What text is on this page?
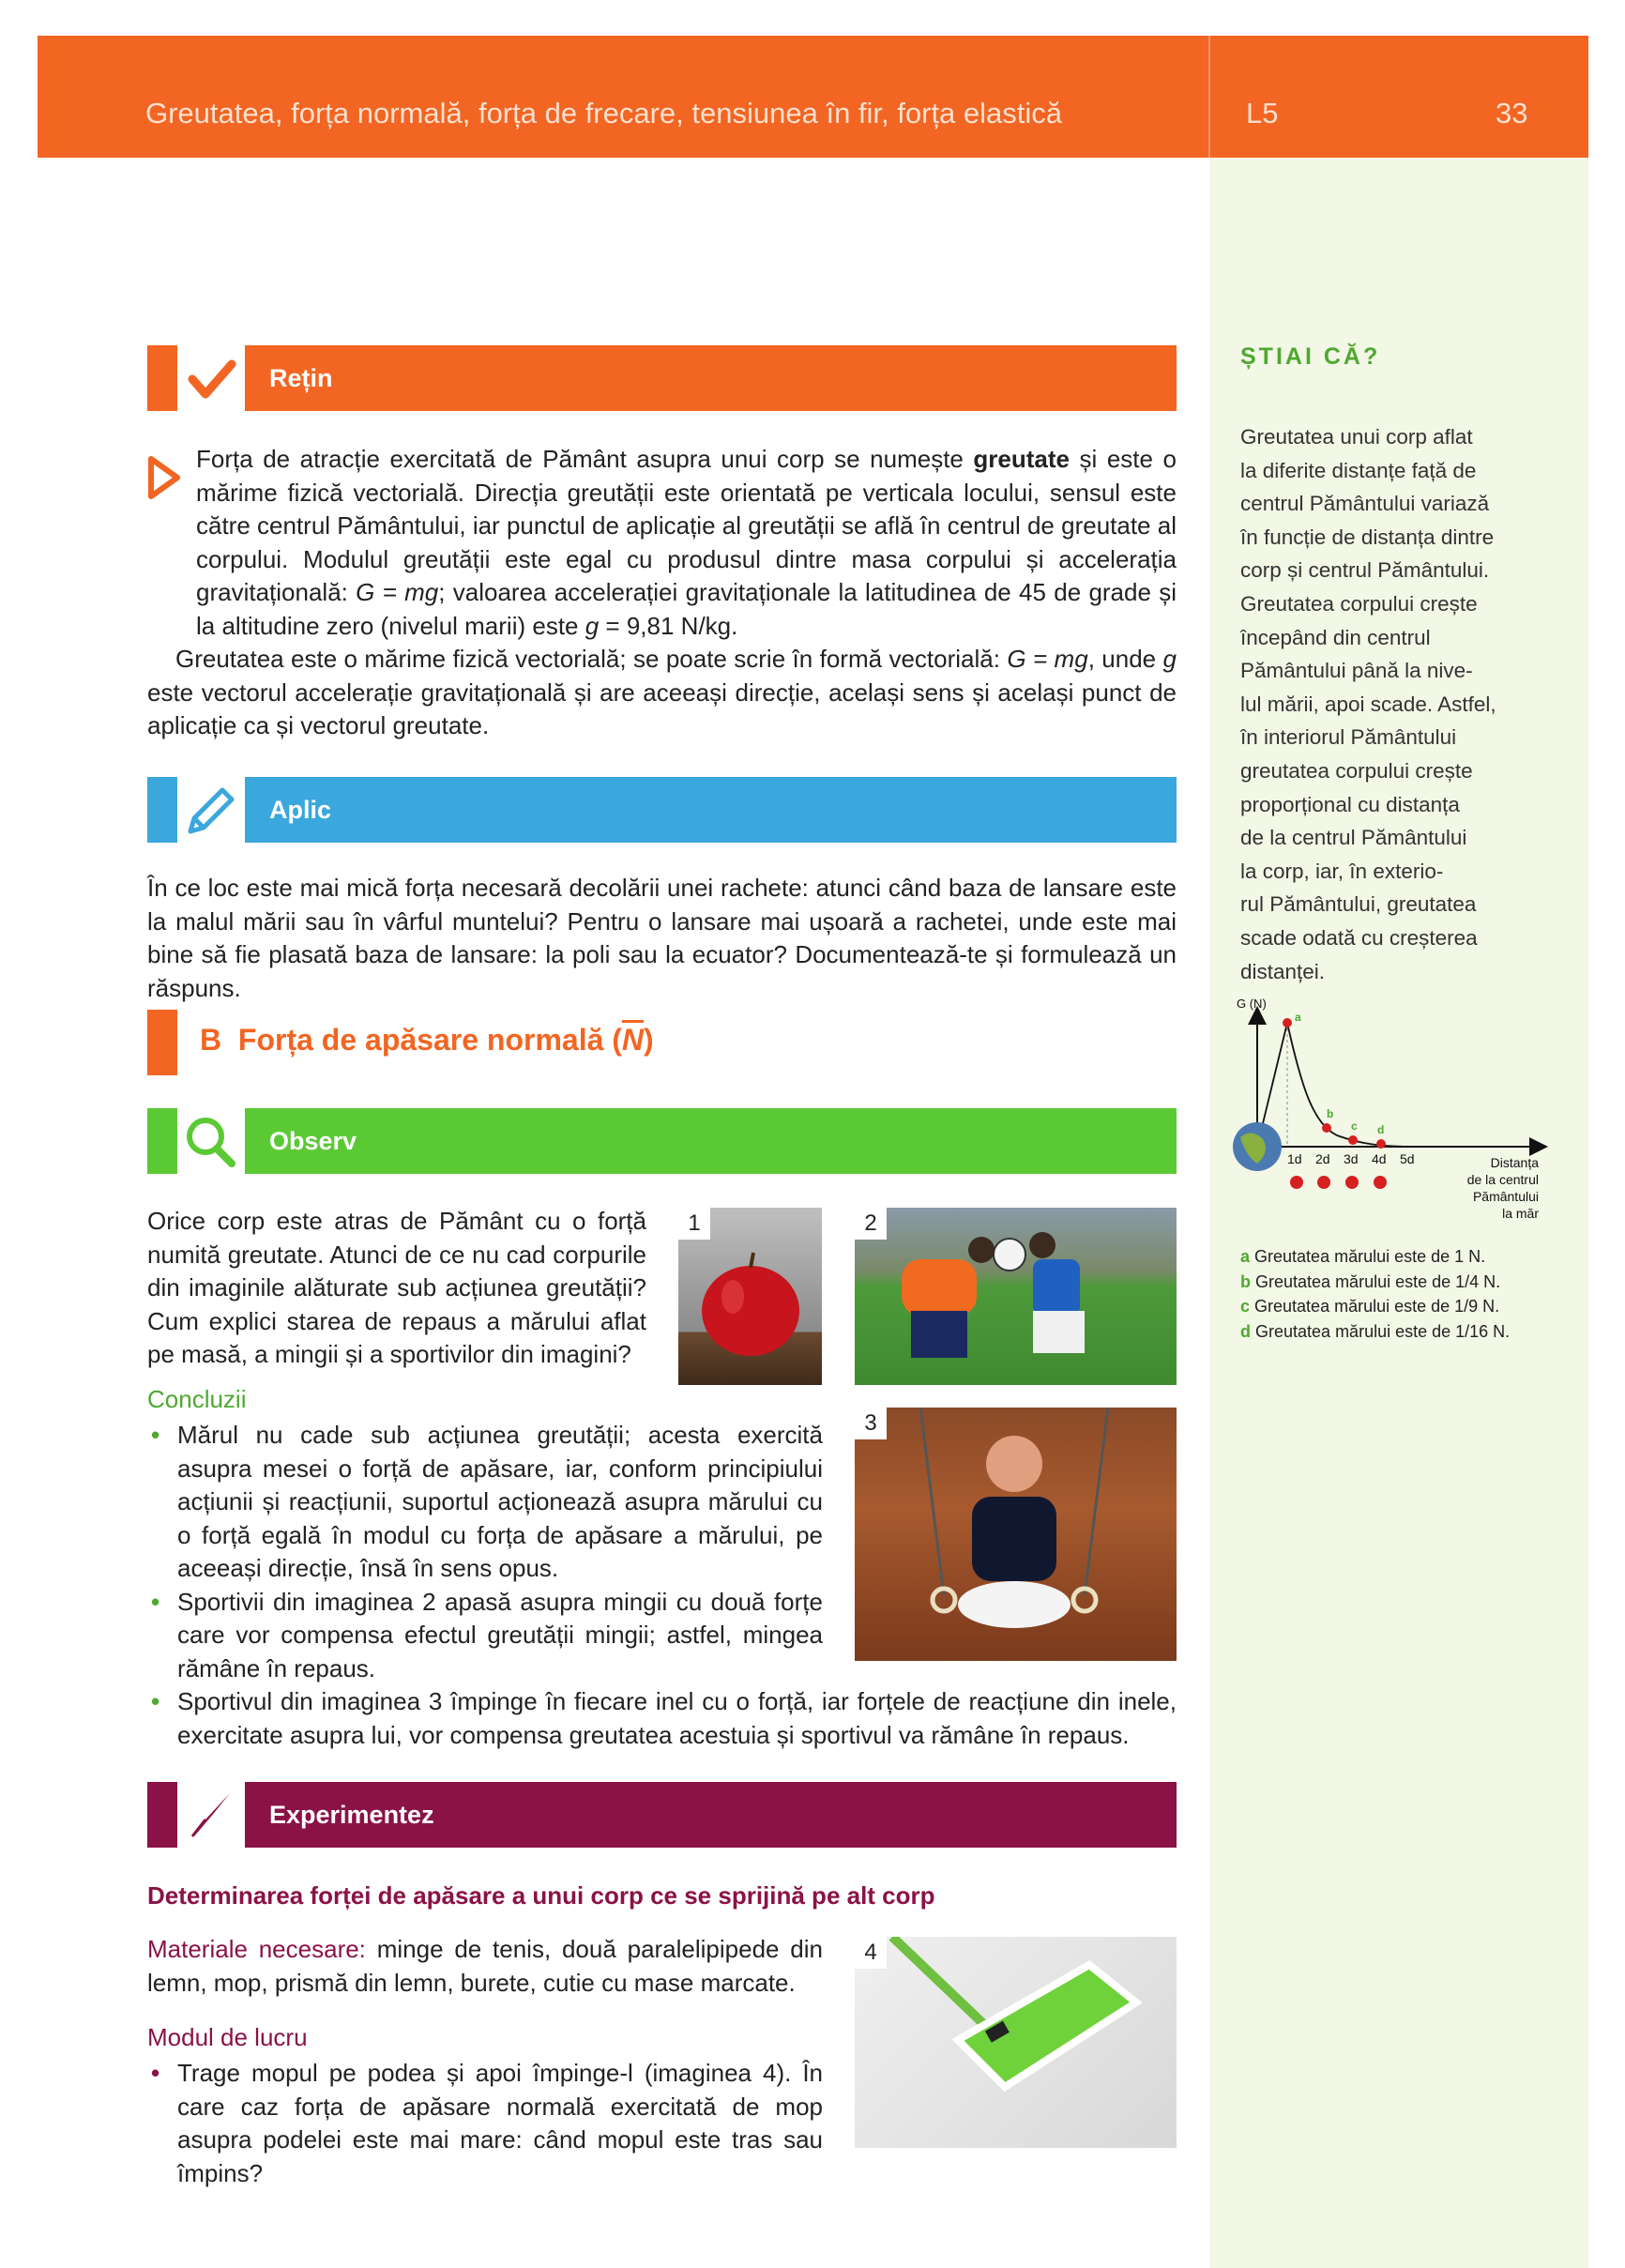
Greutatea, forța normală, forța de frecare, tensiunea în fir, forța elastică	L5	33
Rețin

Forța de atracție exercitată de Pământ asupra unui corp se numește greutate și este o mărime fizică vectorială. Direcția greutății este orientată pe verticala locului, sensul este către centrul Pământului, iar punctul de aplicație al greutății se află în centrul de greutate al corpului. Modulul greutății este egal cu produsul dintre masa corpului și accelerația gravitațională: G = mg; valoarea accelerației gravitaționale la latitudinea de 45 de grade și la altitudine zero (nivelul marii) este g = 9,81 N/kg.

Greutatea este o mărime fizică vectorială; se poate scrie în formă vectorială: G = mg, unde g este vectorul accelerație gravitațională și are aceeași direcție, același sens și același punct de aplicație ca și vectorul greutate.

Aplic
În ce loc este mai mică forța necesară decolării unei rachete: atunci când baza de lansare este la malul mării sau în vârful muntelui? Pentru o lansare mai ușoară a rachetei, unde este mai bine să fie plasată baza de lansare: la poli sau la ecuator? Documentează-te și formulează un răspuns.
B Forța de apăsare normală $(\overline{N})$
Observ
Orice corp este atras de Pământ cu o forță numită greutate. Atunci de ce nu cad corpurile din imaginile alăturate sub acțiunea greutății? Cum explici starea de repaus a mărului aflat pe masă, a mingii și a sportivilor din imagini?
1	2
3
Concluzii
• Mărul nu cade sub acțiunea greutății; acesta exercită asupra mesei o forță de apăsare, iar, conform principiului acțiunii și reacțiunii, suportul acționează asupra mărului cu o forță egală în modul cu forța de apăsare a mărului, pe aceeași direcție, însă în sens opus.
• Sportivii din imaginea 2 apasă asupra mingii cu două forțe care vor compensa efectul greutății mingii; astfel, mingea rămâne în repaus.
• Sportivul din imaginea 3 împinge în fiecare inel cu o forță, iar forțele de reacțiune din inele, exercitate asupra lui, vor compensa greutatea acestuia și sportivul va rămâne în repaus.
Experimentez
Determinarea forței de apăsare a unui corp ce se sprijină pe alt corp
Materiale necesare: minge de tenis, două paralelipipede din lemn, mop, prismă din lemn, burete, cutie cu mase marcate.
Modul de lucru
• Trage mopul pe podea și apoi împinge-l (imaginea 4). În care caz forța de apăsare normală exercitată de mop asupra podelei este mai mare: când mopul este tras sau împins?
4
ȘTIAI CĂ?
Greutatea unui corp aflat
la diferite distanțe față de
centrul Pământului variază
în funcție de distanța dintre
corp și centrul Pământului.
Greutatea corpului crește
începând din centrul
Pământului până la nive-
lul mării, apoi scade. Astfel,
în interiorul Pământului
greutatea corpului crește
proporțional cu distanța
de la centrul Pământului
la corp, iar, în exterio-
rul Pământului, greutatea
scade odată cu creșterea
distanței.
G (N)
a
b
c d
1d 2d 3d 4d 5d	Distanța
de la centrul
Pământului
la măr
a Greutatea mărului este de 1 N.
b Greutatea mărului este de 1/4 N.
c Greutatea mărului este de 1/9 N.
d Greutatea mărului este de 1/16 N.
